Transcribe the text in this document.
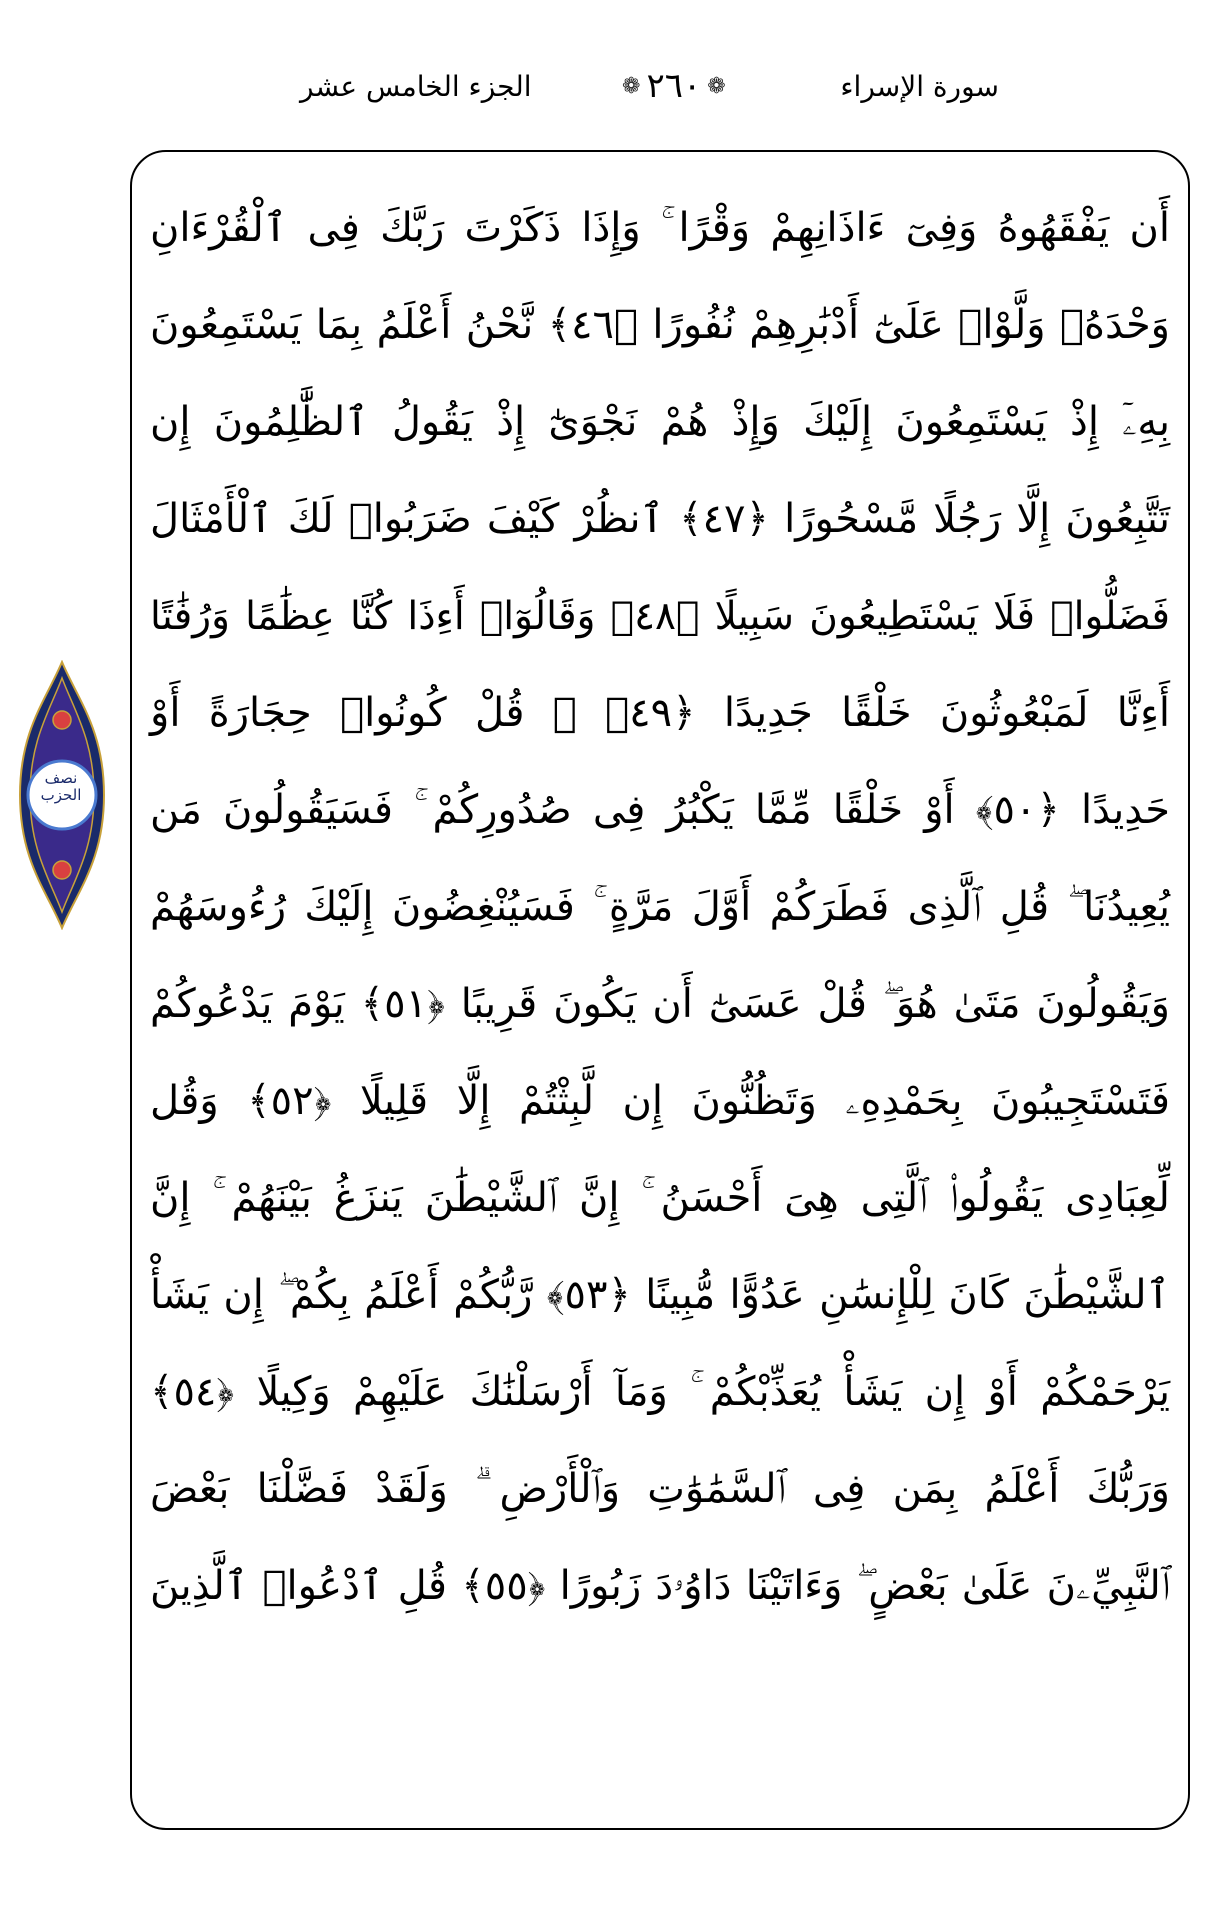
الجزء الخامس عشر	❁ ٢٦٠ ❁	سورة الإسراء
نصف الحزب
أَن يَفْقَهُوهُ وَفِىٓ ءَاذَانِهِمْ وَقْرًا ۚ وَإِذَا ذَكَرْتَ رَبَّكَ فِى ٱلْقُرْءَانِ
وَحْدَهُۥ وَلَّوْا۟ عَلَىٰٓ أَدْبَٰرِهِمْ نُفُورًا ﴿٤٦﴾ نَّحْنُ أَعْلَمُ بِمَا يَسْتَمِعُونَ
بِهِۦٓ إِذْ يَسْتَمِعُونَ إِلَيْكَ وَإِذْ هُمْ نَجْوَىٰٓ إِذْ يَقُولُ ٱلظَّٰلِمُونَ إِن
تَتَّبِعُونَ إِلَّا رَجُلًا مَّسْحُورًا ﴿٤٧﴾ ٱنظُرْ كَيْفَ ضَرَبُوا۟ لَكَ ٱلْأَمْثَالَ
فَضَلُّوا۟ فَلَا يَسْتَطِيعُونَ سَبِيلًا ﴿٤٨﴾ وَقَالُوٓا۟ أَءِذَا كُنَّا عِظَٰمًا وَرُفَٰتًا
أَءِنَّا لَمَبْعُوثُونَ خَلْقًا جَدِيدًا ﴿٤٩﴾ ۞ قُلْ كُونُوا۟ حِجَارَةً أَوْ
حَدِيدًا ﴿٥٠﴾ أَوْ خَلْقًا مِّمَّا يَكْبُرُ فِى صُدُورِكُمْ ۚ فَسَيَقُولُونَ مَن
يُعِيدُنَا ۖ قُلِ ٱلَّذِى فَطَرَكُمْ أَوَّلَ مَرَّةٍ ۚ فَسَيُنْغِضُونَ إِلَيْكَ رُءُوسَهُمْ
وَيَقُولُونَ مَتَىٰ هُوَ ۖ قُلْ عَسَىٰٓ أَن يَكُونَ قَرِيبًا ﴿٥١﴾ يَوْمَ يَدْعُوكُمْ
فَتَسْتَجِيبُونَ بِحَمْدِهِۦ وَتَظُنُّونَ إِن لَّبِثْتُمْ إِلَّا قَلِيلًا ﴿٥٢﴾ وَقُل
لِّعِبَادِى يَقُولُوا۟ ٱلَّتِى هِىَ أَحْسَنُ ۚ إِنَّ ٱلشَّيْطَٰنَ يَنزَغُ بَيْنَهُمْ ۚ إِنَّ
ٱلشَّيْطَٰنَ كَانَ لِلْإِنسَٰنِ عَدُوًّا مُّبِينًا ﴿٥٣﴾ رَّبُّكُمْ أَعْلَمُ بِكُمْ ۖ إِن يَشَأْ
يَرْحَمْكُمْ أَوْ إِن يَشَأْ يُعَذِّبْكُمْ ۚ وَمَآ أَرْسَلْنَٰكَ عَلَيْهِمْ وَكِيلًا ﴿٥٤﴾
وَرَبُّكَ أَعْلَمُ بِمَن فِى ٱلسَّمَٰوَٰتِ وَٱلْأَرْضِ ۗ وَلَقَدْ فَضَّلْنَا بَعْضَ
ٱلنَّبِيِّۦنَ عَلَىٰ بَعْضٍ ۖ وَءَاتَيْنَا دَاوُۥدَ زَبُورًا ﴿٥٥﴾ قُلِ ٱدْعُوا۟ ٱلَّذِينَ
